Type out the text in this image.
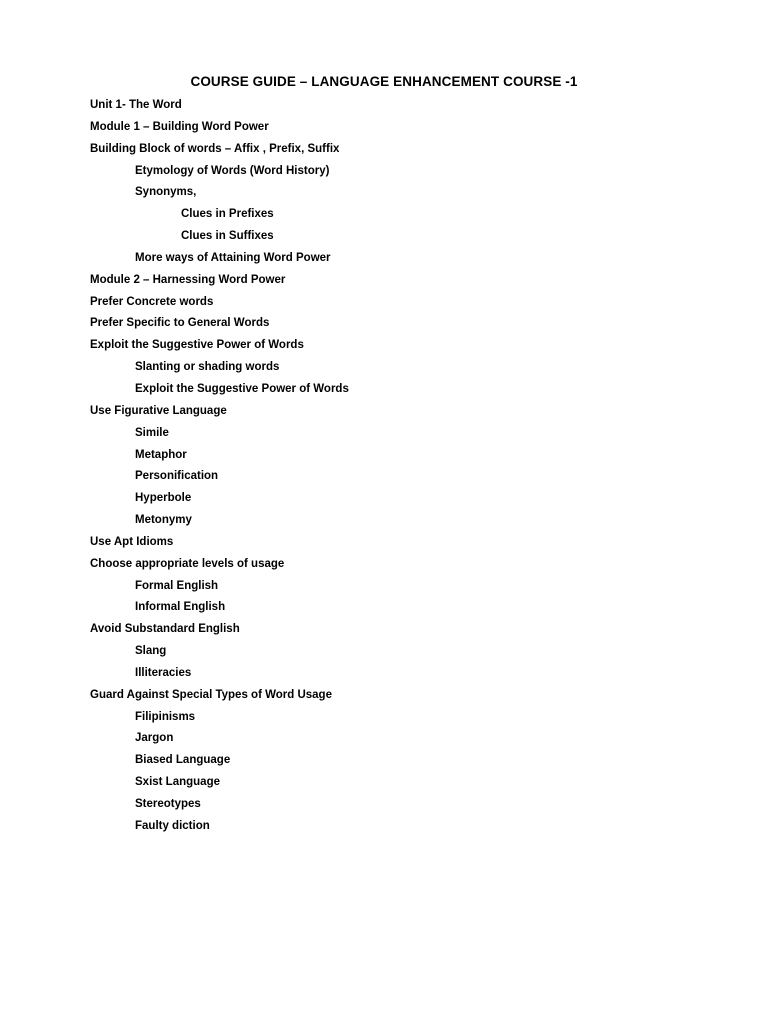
COURSE GUIDE – LANGUAGE ENHANCEMENT COURSE -1
Unit 1- The Word
Module 1 – Building Word Power
Building Block of words – Affix , Prefix, Suffix
Etymology of Words (Word History)
Synonyms,
Clues in Prefixes
Clues in Suffixes
More ways of Attaining Word Power
Module 2 – Harnessing Word Power
Prefer Concrete words
Prefer Specific to General Words
Exploit the Suggestive Power of Words
Slanting or shading words
Exploit the Suggestive Power of Words
Use Figurative Language
Simile
Metaphor
Personification
Hyperbole
Metonymy
Use Apt Idioms
Choose appropriate levels of usage
Formal English
Informal English
Avoid Substandard English
Slang
Illiteracies
Guard Against Special Types of Word Usage
Filipinisms
Jargon
Biased Language
Sxist Language
Stereotypes
Faulty diction
